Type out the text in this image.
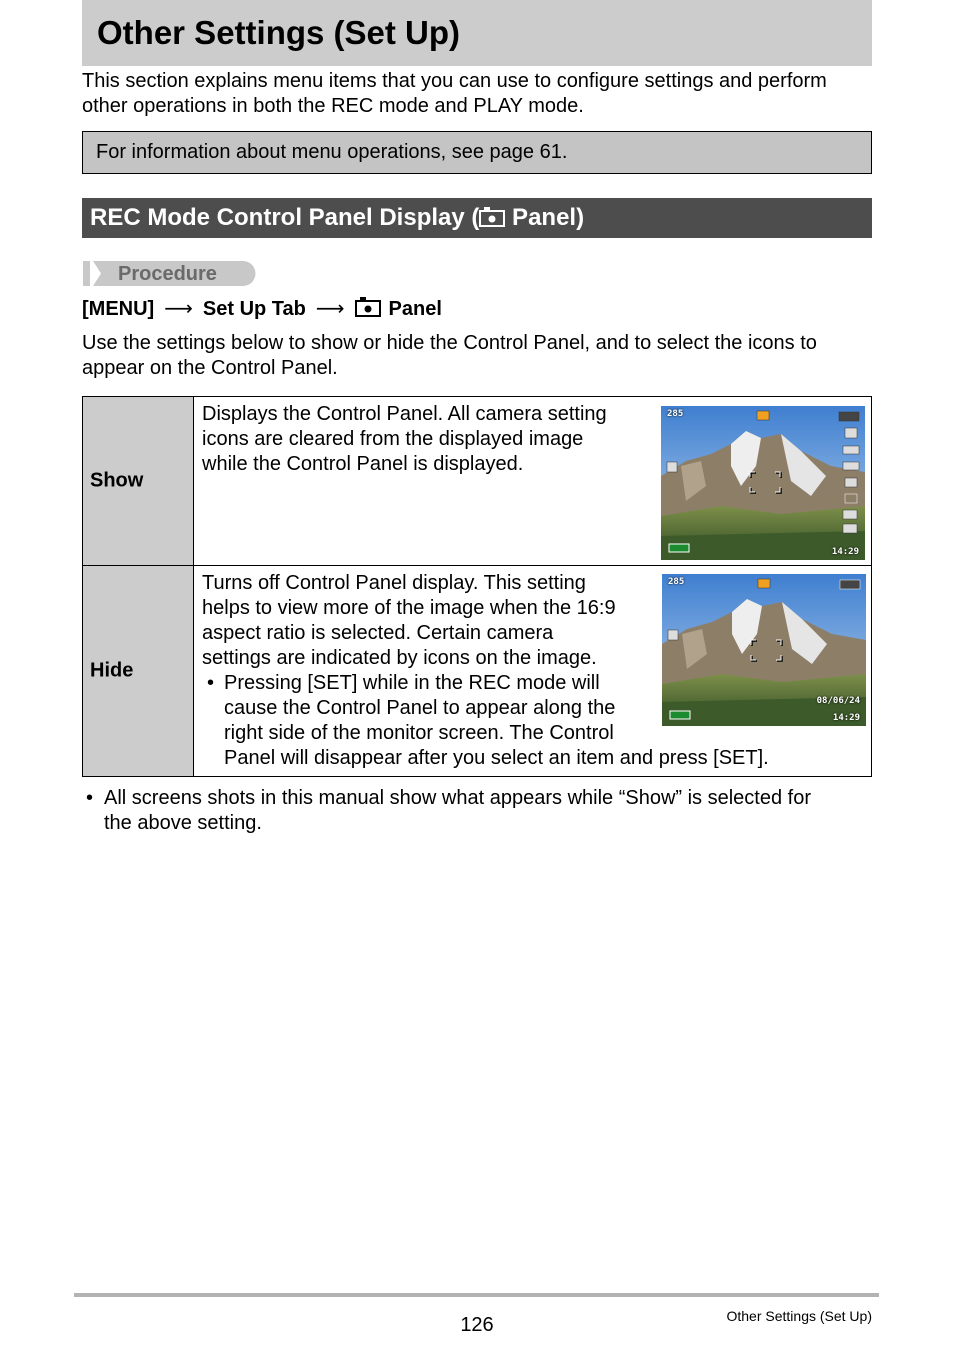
Other Settings (Set Up)
This section explains menu items that you can use to configure settings and perform other operations in both the REC mode and PLAY mode.
For information about menu operations, see page 61.
REC Mode Control Panel Display ( Panel)
Procedure
[MENU] ⟶ Set Up Tab ⟶ Panel
Use the settings below to show or hide the Control Panel, and to select the icons to appear on the Control Panel.
Show
Displays the Control Panel. All camera setting
icons are cleared from the displayed image
while the Control Panel is displayed.
285
14:29
Hide
Turns off Control Panel display. This setting
helps to view more of the image when the 16:9
aspect ratio is selected. Certain camera
settings are indicated by icons on the image.
• Pressing [SET] while in the REC mode will
cause the Control Panel to appear along the
right side of the monitor screen. The Control
Panel will disappear after you select an item and press [SET].
285
08/06/24
14:29
• All screens shots in this manual show what appears while “Show” is selected for
the above setting.
126	Other Settings (Set Up)
